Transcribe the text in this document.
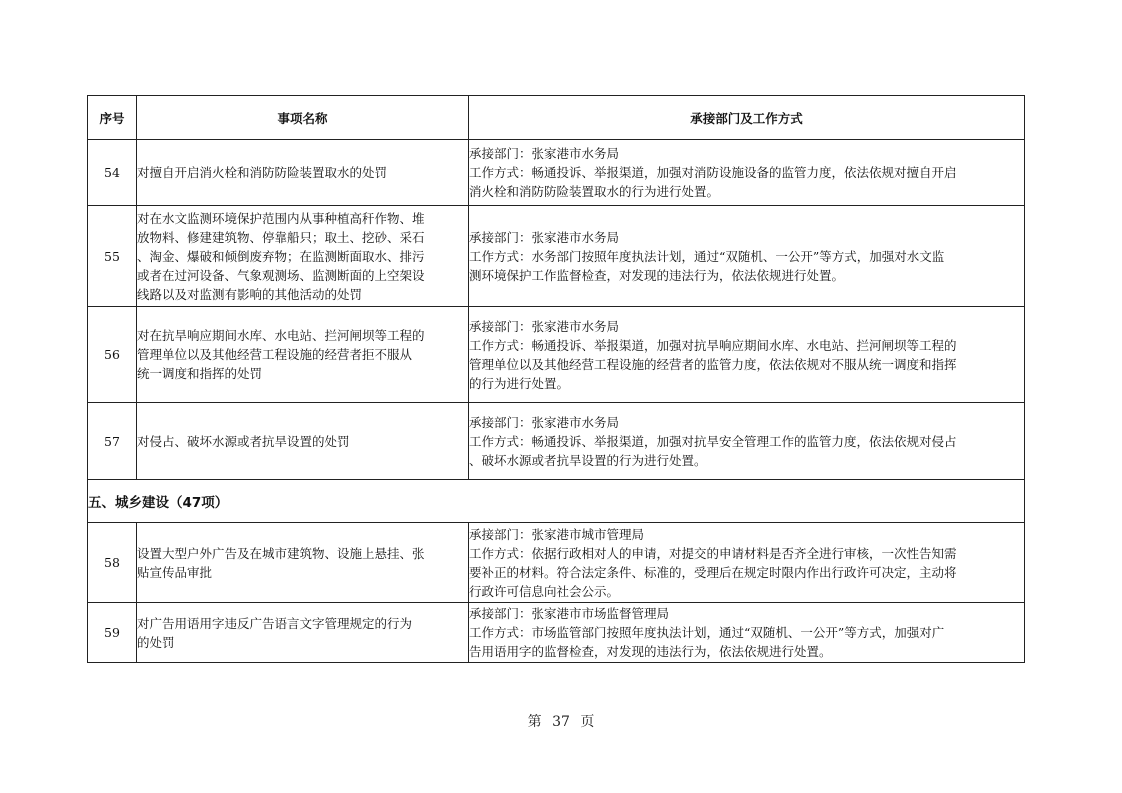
序号	事项名称	承接部门及工作方式
54	对擅自开启消火栓和消防防险装置取水的处罚	承接部门：张家港市水务局
工作方式：畅通投诉、举报渠道，加强对消防设施设备的监管力度，依法依规对擅自开启
消火栓和消防防险装置取水的行为进行处置。

55	对在水文监测环境保护范围内从事种植高秆作物、堆
放物料、修建建筑物、停靠船只；取土、挖砂、采石
、淘金、爆破和倾倒废弃物；在监测断面取水、排污
或者在过河设备、气象观测场、监测断面的上空架设
线路以及对监测有影响的其他活动的处罚	承接部门：张家港市水务局
工作方式：水务部门按照年度执法计划，通过“双随机、一公开”等方式，加强对水文监
测环境保护工作监督检查，对发现的违法行为，依法依规进行处置。

56	对在抗旱响应期间水库、水电站、拦河闸坝等工程的
管理单位以及其他经营工程设施的经营者拒不服从
统一调度和指挥的处罚	承接部门：张家港市水务局
工作方式：畅通投诉、举报渠道，加强对抗旱响应期间水库、水电站、拦河闸坝等工程的
管理单位以及其他经营工程设施的经营者的监管力度，依法依规对不服从统一调度和指挥
的行为进行处置。

57	对侵占、破坏水源或者抗旱设置的处罚	承接部门：张家港市水务局
工作方式：畅通投诉、举报渠道，加强对抗旱安全管理工作的监管力度，依法依规对侵占
、破坏水源或者抗旱设置的行为进行处置。

五、城乡建设（47项）		
58	设置大型户外广告及在城市建筑物、设施上悬挂、张
贴宣传品审批	承接部门：张家港市城市管理局
工作方式：依据行政相对人的申请，对提交的申请材料是否齐全进行审核，一次性告知需
要补正的材料。符合法定条件、标准的，受理后在规定时限内作出行政许可决定，主动将
行政许可信息向社会公示。

59	对广告用语用字违反广告语言文字管理规定的行为
的处罚	承接部门：张家港市市场监督管理局
工作方式：市场监管部门按照年度执法计划，通过“双随机、一公开”等方式，加强对广
告用语用字的监督检查，对发现的违法行为，依法依规进行处置。
第 37 页
